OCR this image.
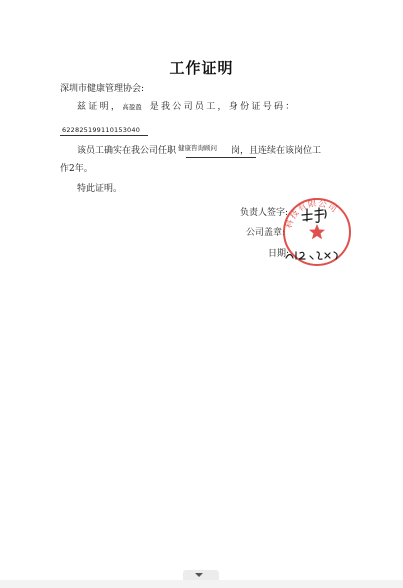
工作证明
深圳市健康管理协会:
兹证明，高盈盈 是我公司员工，身份证号码：
622825199110153040
该员工确实在我公司任职 $^{健康咨询顾问}$ 岗，且连续在该岗位工
作2年。
特此证明。
负责人签字:
公司盖章:
日期:
科技有限公司
